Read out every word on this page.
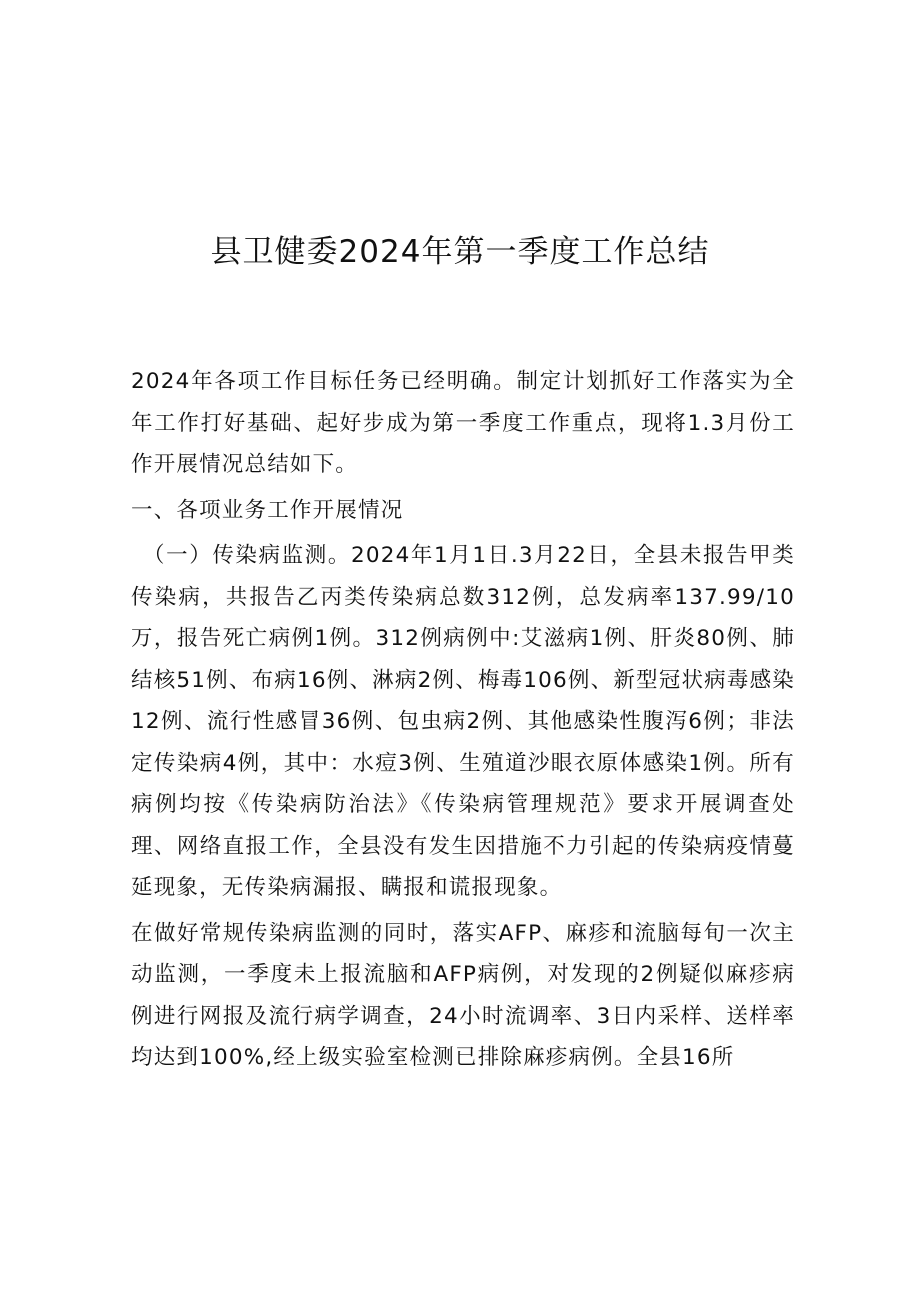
县卫健委2024年第一季度工作总结

2024年各项工作目标任务已经明确。制定计划抓好工作落实为全年工作打好基础、起好步成为第一季度工作重点，现将1.3月份工作开展情况总结如下。

一、各项业务工作开展情况

（一）传染病监测。2024年1月1日.3月22日，全县未报告甲类传染病，共报告乙丙类传染病总数312例，总发病率137.99/10万，报告死亡病例1例。312例病例中:艾滋病1例、肝炎80例、肺结核51例、布病16例、淋病2例、梅毒106例、新型冠状病毒感染12例、流行性感冒36例、包虫病2例、其他感染性腹泻6例；非法定传染病4例，其中：水痘3例、生殖道沙眼衣原体感染1例。所有病例均按《传染病防治法》《传染病管理规范》要求开展调查处理、网络直报工作，全县没有发生因措施不力引起的传染病疫情蔓延现象，无传染病漏报、瞒报和谎报现象。

在做好常规传染病监测的同时，落实AFP、麻疹和流脑每旬一次主动监测，一季度未上报流脑和AFP病例，对发现的2例疑似麻疹病例进行网报及流行病学调查，24小时流调率、3日内采样、送样率均达到100%,经上级实验室检测已排除麻疹病例。全县16所
